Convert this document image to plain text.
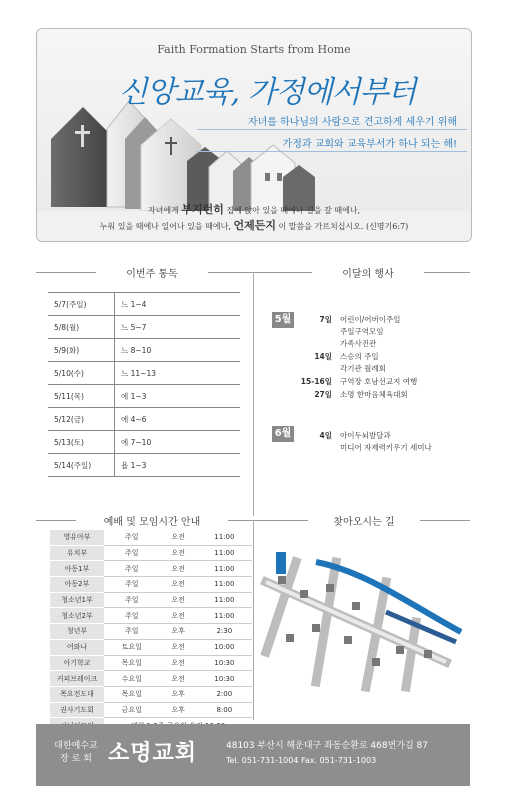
Faith Formation Starts from Home
신앙교육, 가정에서부터
자녀를 하나님의 사람으로 견고하게 세우기 위해
가정과 교회와 교육부서가 하나 되는 해!
자녀에게 부지런히 집에 앉아 있을 때에나 길을 갈 때에나,
누워 있을 때에나 일어나 있을 때에나, 언제든지 이 말씀을 가르치십시오. (신명기6:7)
이번주 통독	이달의 행사
5/7(주일)	느 1~4
5/8(월)	느 5~7
5/9(화)	느 8~10
5/10(수)	느 11~13
5/11(목)	에 1~3
5/12(금)	에 4~6
5/13(토)	에 7~10
5/14(주일)	욥 1~3
5월	7일 어린이/어버이주일
주일구역모임
가족사진관
14일 스승의 주일
각기관 월례회
15-16일 구역장 호남선교지 여행
27일 소명 한마음체육대회
6월	4일 아이두뇌발달과
미디어 자제력키우기 세미나
예배 및 모임시간 안내	찾아오시는 길
영유아부	주일	오전	11:00
유치부	주일	오전	11:00
아동1부	주일	오전	11:00
아동2부	주일	오전	11:00
청소년1부	주일	오전	11:00
청소년2부	주일	오전	11:00
청년부	주일	오후	2:30
어와나	토요일	오전	10:00
아기학교	목요일	오전	10:30
커피브레이크	수요일	오전	10:30
목요전도대	목요일	오후	2:00
권사기도회	금요일	오후	8:00

대한예수교
장 로 회 소명교회	48103 부산시 해운대구 좌동순환로 468번가길 87
Tel. 051-731-1004 Fax. 051-731-1003
